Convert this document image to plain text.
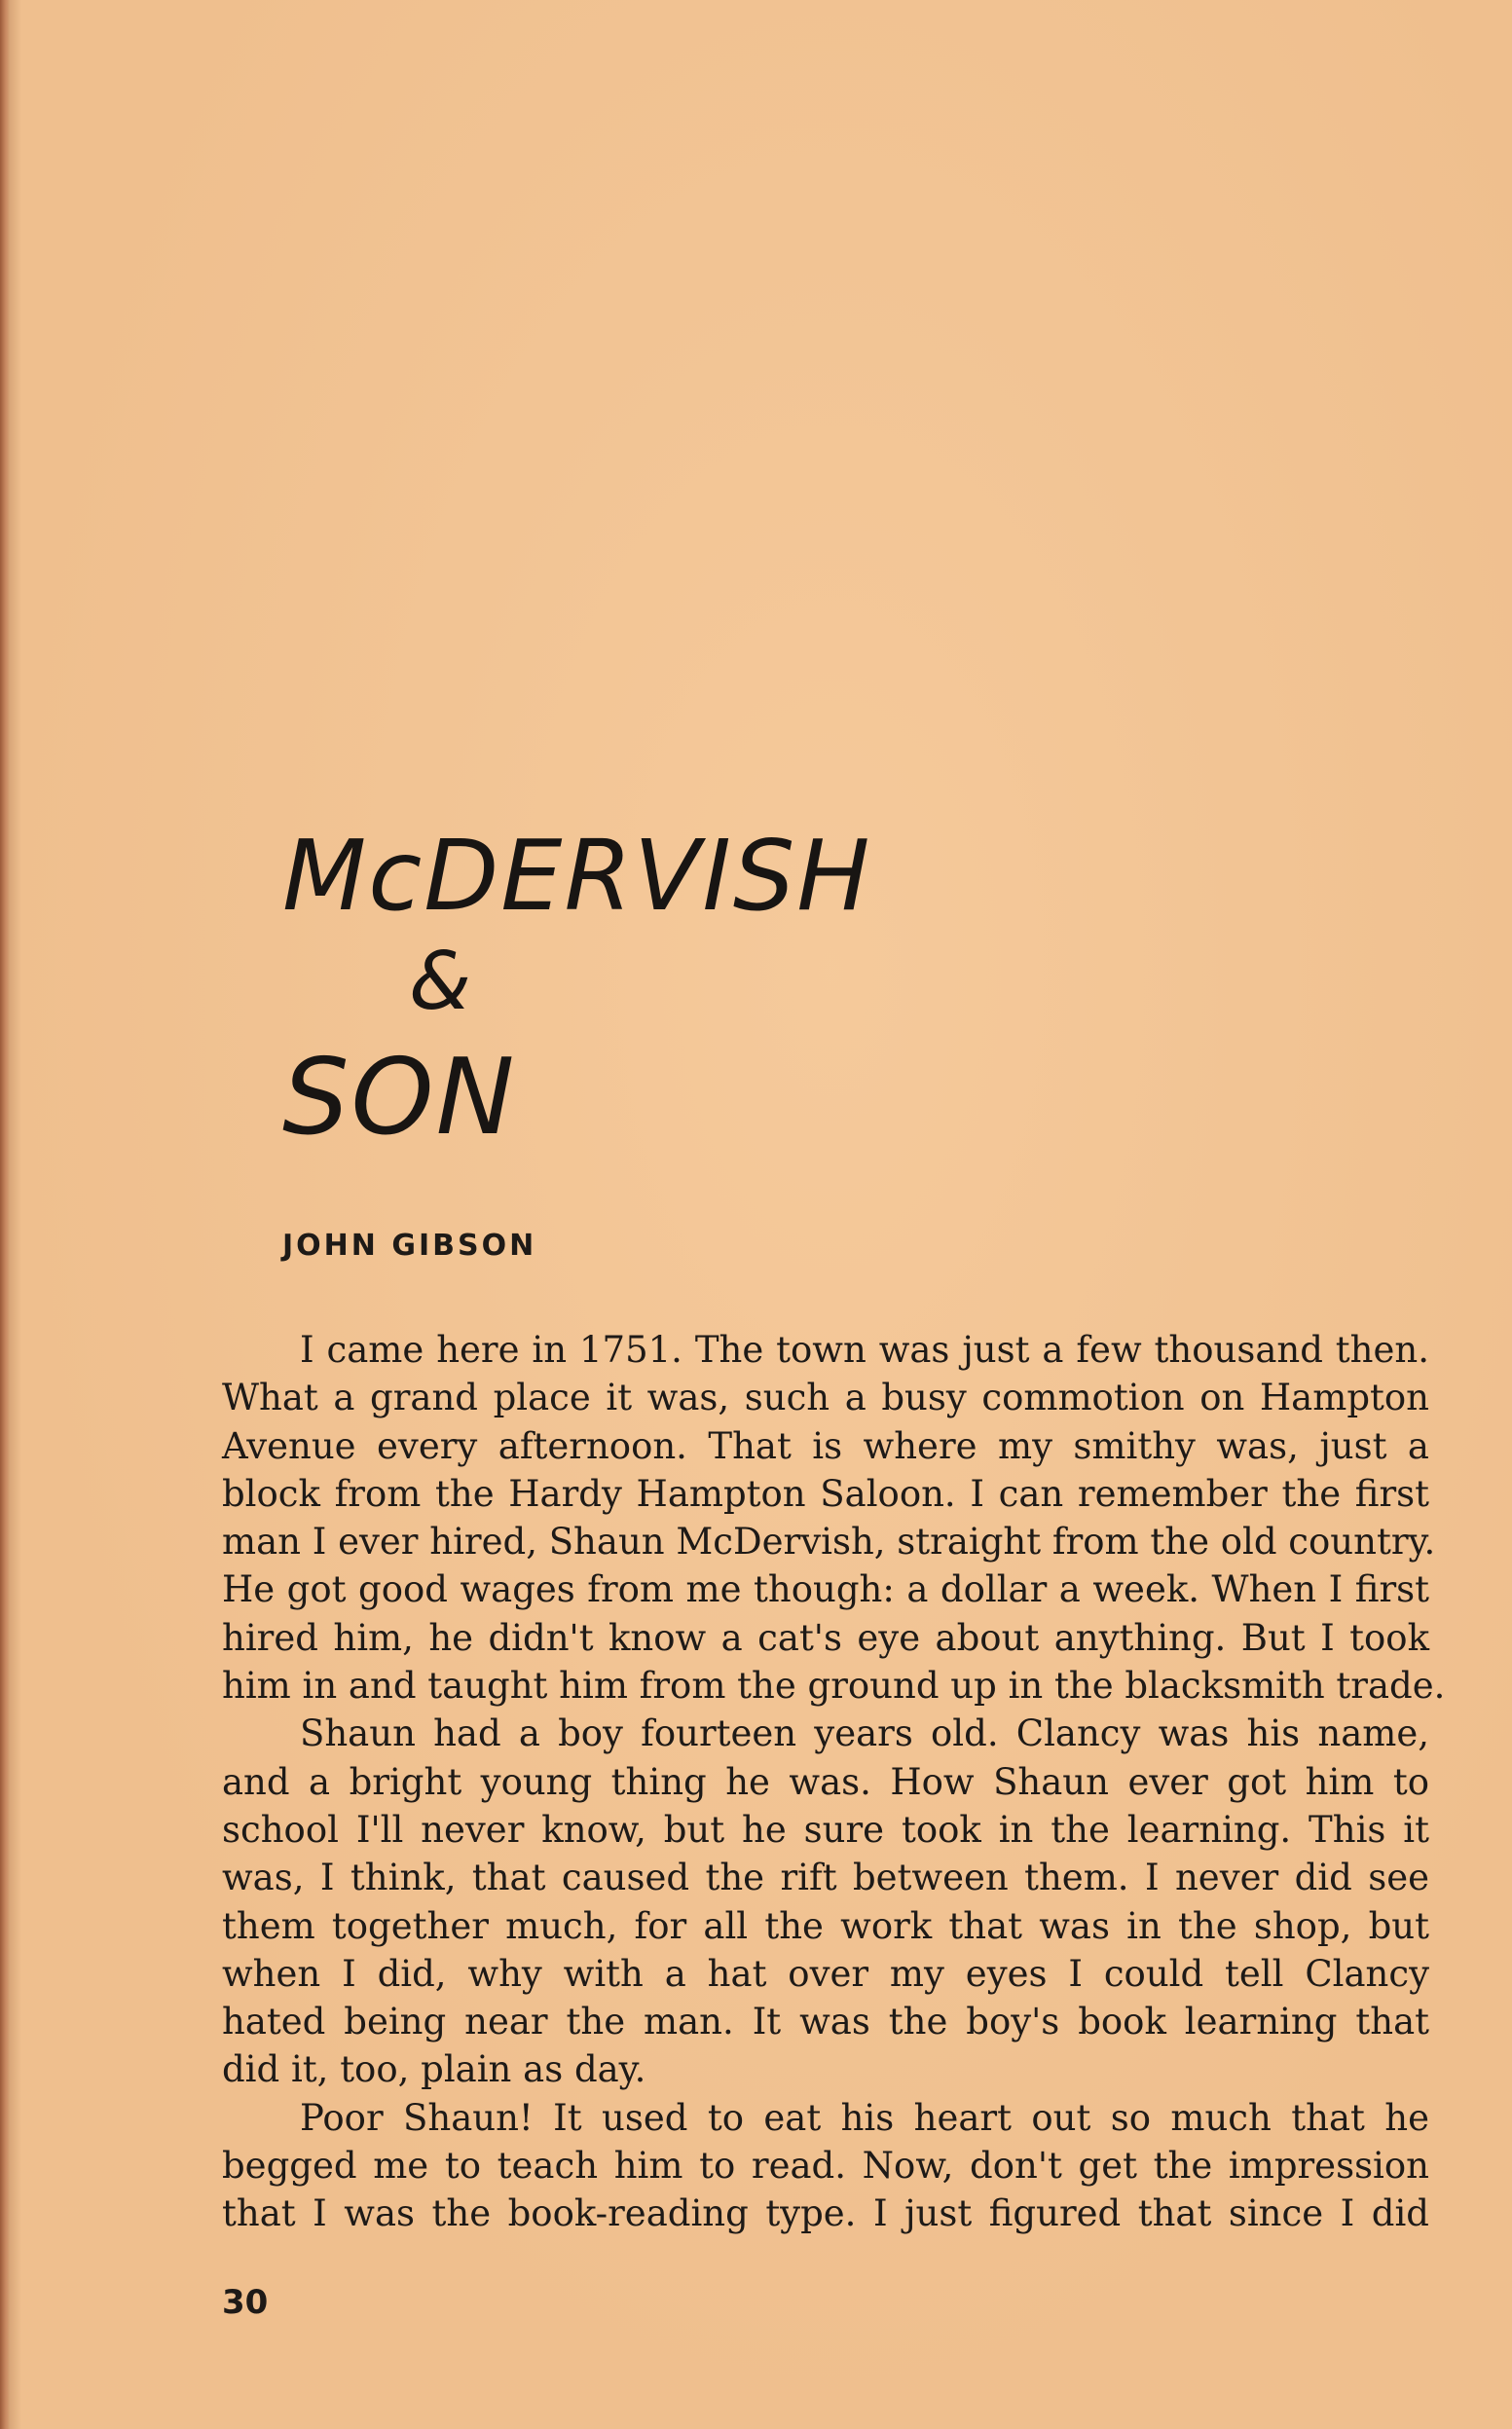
McDERVISH
&
SON
JOHN GIBSON
I came here in 1751. The town was just a few thousand then.
What a grand place it was, such a busy commotion on Hampton
Avenue every afternoon. That is where my smithy was, just a
block from the Hardy Hampton Saloon. I can remember the first
man I ever hired, Shaun McDervish, straight from the old country.
He got good wages from me though: a dollar a week. When I first
hired him, he didn't know a cat's eye about anything. But I took
him in and taught him from the ground up in the blacksmith trade.
Shaun had a boy fourteen years old. Clancy was his name,
and a bright young thing he was. How Shaun ever got him to
school I'll never know, but he sure took in the learning. This it
was, I think, that caused the rift between them. I never did see
them together much, for all the work that was in the shop, but
when I did, why with a hat over my eyes I could tell Clancy
hated being near the man. It was the boy's book learning that
did it, too, plain as day.
Poor Shaun! It used to eat his heart out so much that he
begged me to teach him to read. Now, don't get the impression
that I was the book-reading type. I just figured that since I did
30
